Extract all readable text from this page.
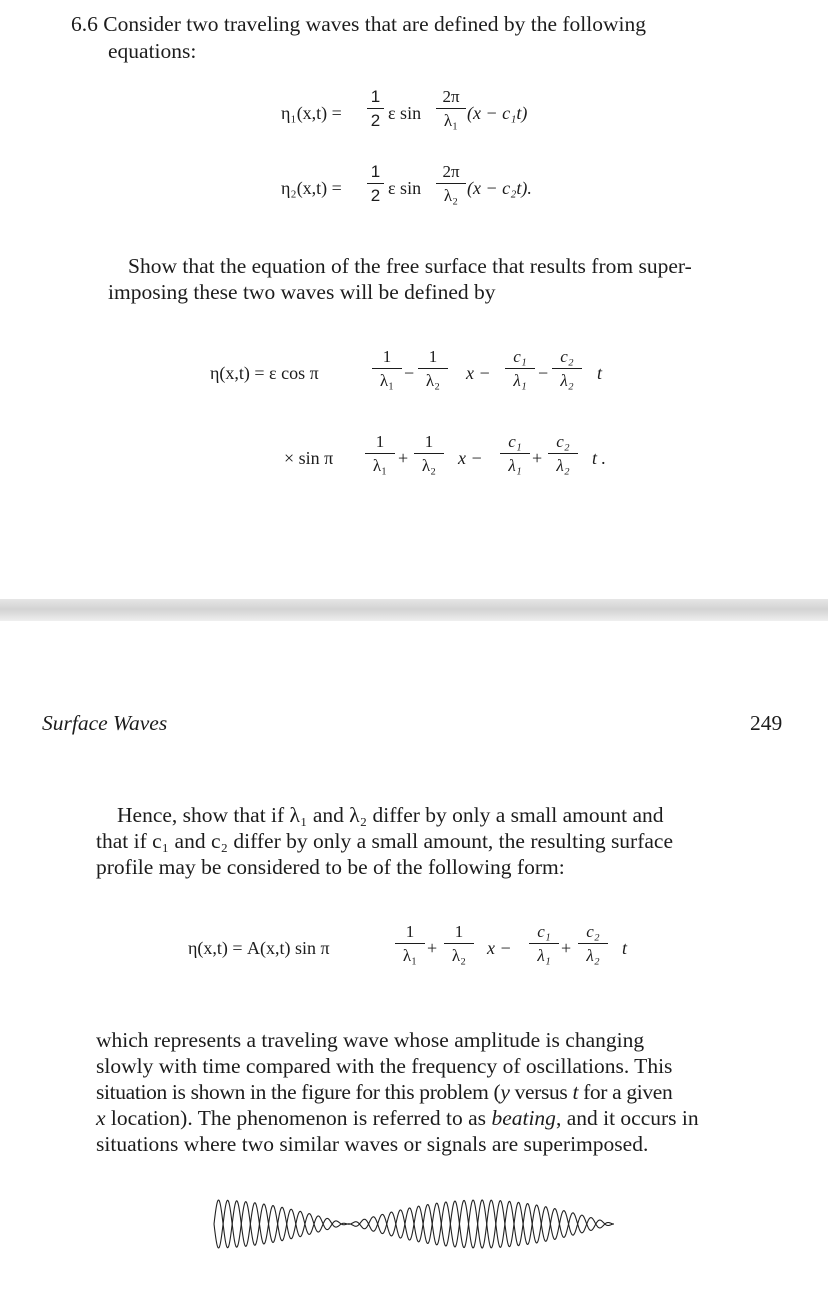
6.6 Consider two traveling waves that are defined by the following
equations:
η₁(x,t) =
1
2 ε sin
2π
λ₁ (x − c₁t)
η₂(x,t) =
1
2 ε sin
2π
λ₂ (x − c₂t).
Show that the equation of the free surface that results from super-
imposing these two waves will be defined by
η(x,t) = ε cos π
1
λ₁ −
1
λ₂	x −
c₁
λ₁ −
c₂
λ₂	t
× sin π
1
λ₁ +
1
λ₂	x −
c₁
λ₁ +
c₂
λ₂	t .
Surface Waves	249
Hence, show that if λ₁ and λ₂ differ by only a small amount and
that if c₁ and c₂ differ by only a small amount, the resulting surface
profile may be considered to be of the following form:
η(x,t) = A(x,t) sin π
1
λ₁ +
1
λ₂	x −
c₁
λ₁ +
c₂
λ₂	t
which represents a traveling wave whose amplitude is changing
slowly with time compared with the frequency of oscillations. This
situation is shown in the figure for this problem (y versus t for a given
x location). The phenomenon is referred to as beating, and it occurs in
situations where two similar waves or signals are superimposed.
